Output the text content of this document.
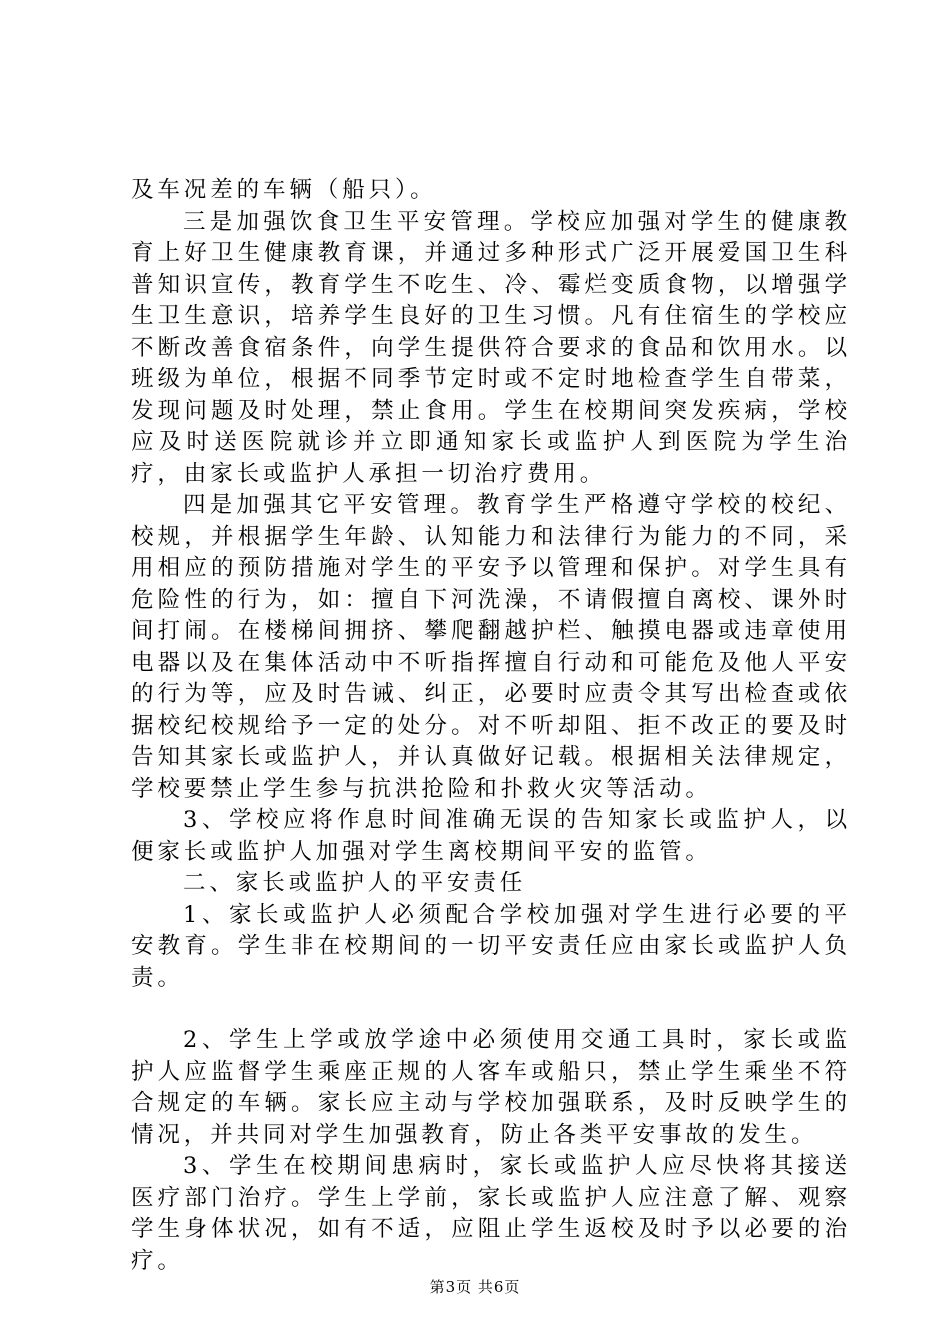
及车况差的车辆（船只）。

三是加强饮食卫生平安管理。学校应加强对学生的健康教育上好卫生健康教育课，并通过多种形式广泛开展爱国卫生科普知识宣传，教育学生不吃生、冷、霉烂变质食物，以增强学生卫生意识，培养学生良好的卫生习惯。凡有住宿生的学校应不断改善食宿条件，向学生提供符合要求的食品和饮用水。以班级为单位，根据不同季节定时或不定时地检查学生自带菜，发现问题及时处理，禁止食用。学生在校期间突发疾病，学校应及时送医院就诊并立即通知家长或监护人到医院为学生治疗，由家长或监护人承担一切治疗费用。

四是加强其它平安管理。教育学生严格遵守学校的校纪、校规，并根据学生年龄、认知能力和法律行为能力的不同，采用相应的预防措施对学生的平安予以管理和保护。对学生具有危险性的行为，如：擅自下河洗澡，不请假擅自离校、课外时间打闹。在楼梯间拥挤、攀爬翻越护栏、触摸电器或违章使用电器以及在集体活动中不听指挥擅自行动和可能危及他人平安的行为等，应及时告诫、纠正，必要时应责令其写出检查或依据校纪校规给予一定的处分。对不听却阻、拒不改正的要及时告知其家长或监护人，并认真做好记载。根据相关法律规定，学校要禁止学生参与抗洪抢险和扑救火灾等活动。

3、学校应将作息时间准确无误的告知家长或监护人，以便家长或监护人加强对学生离校期间平安的监管。

二、家长或监护人的平安责任

1、家长或监护人必须配合学校加强对学生进行必要的平安教育。学生非在校期间的一切平安责任应由家长或监护人负责。

2、学生上学或放学途中必须使用交通工具时，家长或监护人应监督学生乘座正规的人客车或船只，禁止学生乘坐不符合规定的车辆。家长应主动与学校加强联系，及时反映学生的情况，并共同对学生加强教育，防止各类平安事故的发生。

3、学生在校期间患病时，家长或监护人应尽快将其接送医疗部门治疗。学生上学前，家长或监护人应注意了解、观察学生身体状况，如有不适，应阻止学生返校及时予以必要的治疗。

第3页 共6页
